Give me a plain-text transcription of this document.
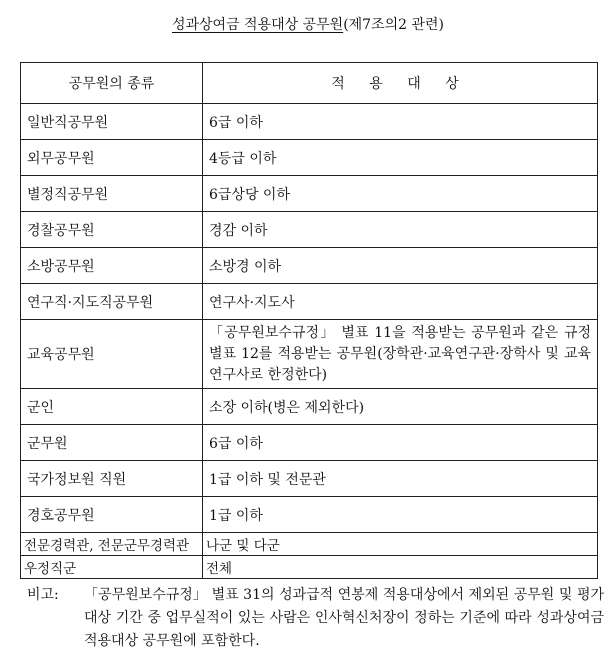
성과상여금 적용대상 공무원(제7조의2 관련)
공무원의 종류	적 용 대 상
일반직공무원	6급 이하
외무공무원	4등급 이하
별정직공무원	6급상당 이하
경찰공무원	경감 이하
소방공무원	소방경 이하
연구직·지도직공무원	연구사·지도사
교육공무원	「공무원보수규정」 별표 11을 적용받는 공무원과 같은 규정 별표 12를 적용받는 공무원(장학관·교육연구관·장학사 및 교육연구사로 한정한다)
군인	소장 이하(병은 제외한다)
군무원	6급 이하
국가정보원 직원	1급 이하 및 전문관
경호공무원	1급 이하
전문경력관, 전문군무경력관	나군 및 다군
우정직군	전체
비고: 「공무원보수규정」 별표 31의 성과급적 연봉제 적용대상에서 제외된 공무원 및 평가 대상 기간 중 업무실적이 있는 사람은 인사혁신처장이 정하는 기준에 따라 성과상여금 적용대상 공무원에 포함한다.
